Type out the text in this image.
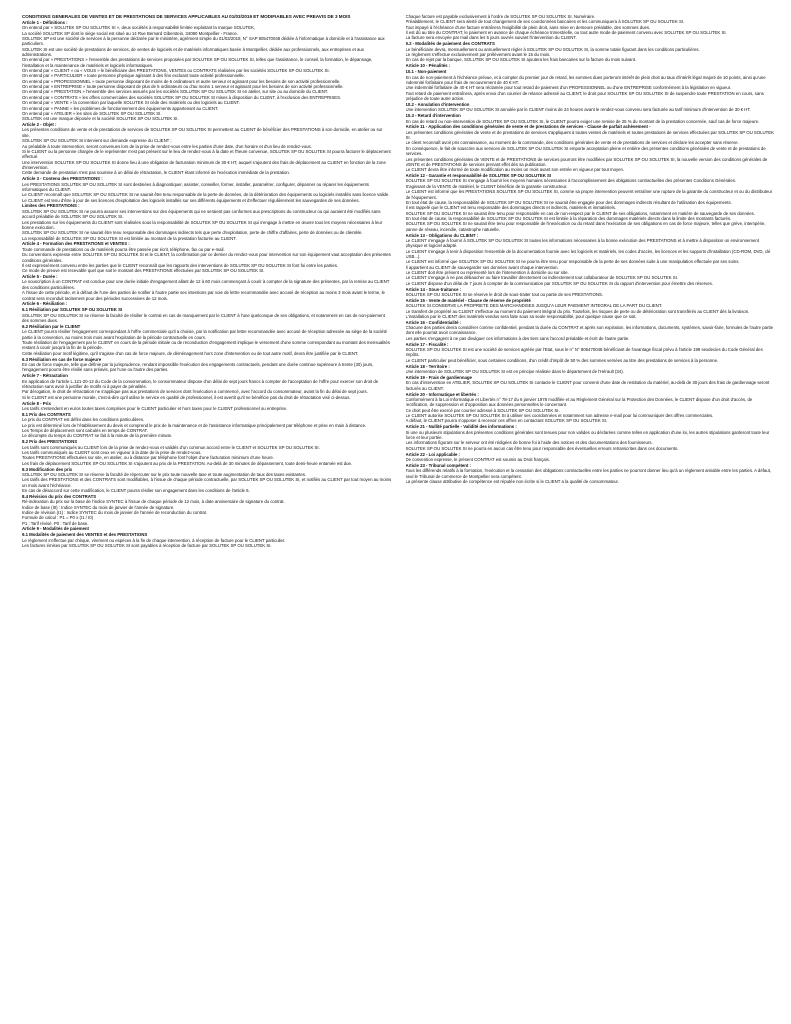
CONDITIONS GENERALES DE VENTES ET DE PRESTATIONS DE SERVICES APPLICABLES AU 01/03/2019 ET MODIFIABLES AVEC PREAVIS DE 3 MOIS

Article 1 - Définitions :

On entend par « SOLUTEK SP OU SOLUTEK SI », deux sociétés à responsabilité limitée exploitant la marque SOLUTEK,

La société SOLUTEK SP dont le siège social est situé au 14 Rue Bernard Giberstein, 34090 Montpellier - France.

SOLUTEK SP est une société de services à la personne déclarée par le ministère, agrément simple du 01/03/2019, N° SAP 805470048 dédiée à l'informatique à domicile et à l'assistance aux particuliers.

SOLUTEK SI est une société de prestations de services, de ventes de logiciels et de matériels informatiques basée à Montpellier, dédiée aux professionnels, aux entreprises et aux administrations.

On entend par « PRESTATIONS » l'ensemble des prestations de services proposées par SOLUTEK SP OU SOLUTEK SI, telles que l'assistance, le conseil, la formation, le dépannage, l'installation et la maintenance de matériels et logiciels informatiques.

On entend par « CLIENT » ou « VOUS » le bénéficiaire des PRESTATIONS, VENTES ou CONTRATS réalisées par les sociétés SOLUTEK SP OU SOLUTEK SI.

On entend par « PARTICULIER » toute personne physique agissant à des fins excluant toute activité professionnelle.

On entend par « PROFESSIONNEL » toute personne disposant de moins de 6 ordinateurs et autre serveur et agissant pour les besoins de son activité professionnelle.

On entend par « ENTREPRISE » toute personne disposant de plus de 5 ordinateurs ou d'au moins 1 serveur et agissant pour les besoins de son activité professionnelle.

On entend par « PRESTATION » l'ensemble des services assurés par les sociétés SOLUTEK SP OU SOLUTEK SI en atelier, sur site ou au domicile du CLIENT.

On entend par « CONTRATS » les offres commerciales des sociétés SOLUTEK SP OU SOLUTEK SI mises à disposition du CLIENT, à l'exclusion des ENTREPRISES.

On entend par « VENTE » la convention par laquelle SOLUTEK SI cède des matériels ou des logiciels au CLIENT.

On entend par « PANNE » les problèmes de fonctionnement des équipements appartenant au CLIENT.

On entend par « ATELIER » les sites de SOLUTEK SP OU SOLUTEK SI.

SOLUTEK est une marque déposée et la société SOLUTEK SP OU SOLUTEK SI.

Article 2 - Objet :

Les présentes conditions de vente et de prestations de services de SOLUTEK SP OU SOLUTEK SI permettent au CLIENT de bénéficier des PRESTATIONS à son domicile, en atelier ou sur site.

SOLUTEK SP OU SOLUTEK SI intervient sur demande expresse du CLIENT ;

Au préalable à toute intervention, seront convenues lors de la prise de rendez-vous entre les parties d'une date, d'un horaire et d'un lieu de rendez-vous.

Si le CLIENT ou la personne chargée de le représenter n'est pas présent sur le lieu de rendez-vous à la date et l'heure convenue, SOLUTEK SP OU SOLUTEK SI pourra facturer le déplacement effectué.

Une intervention SOLUTEK SP OU SOLUTEK SI donne lieu à une obligation de facturation minimum de 30 € HT, auquel s'ajoutent des frais de déplacement au CLIENT en fonction de la zone d'intervention.

Cette demande de prestation n'est pas soumise à un délai de rétractation, le CLIENT étant informé de l'exécution immédiate de la prestation.

Article 3 - Contenu des PRESTATIONS :

Les PRESTATIONS SOLUTEK SP OU SOLUTEK SI sont destinées à diagnostiquer, assister, conseiller, former, installer, paramétrer, configurer, dépanner ou réparer les équipements informatiques du CLIENT.

Le CLIENT reconnaît que SOLUTEK SP OU SOLUTEK SI ne saurait être tenu responsable de la perte de données, de la détérioration des équipements ou logiciels installés sans licence valide.

Le CLIENT est tenu d'être à jour de ses licences d'exploitation des logiciels installés sur ses différents équipements et d'effectuer régulièrement les sauvegardes de ses données.

Limites des PRESTATIONS :

SOLUTEK SP OU SOLUTEK SI ne pourra assurer ses interventions sur des équipements qui ne seraient pas conformes aux prescriptions du constructeur ou qui auraient été modifiés sans accord préalable de SOLUTEK SP OU SOLUTEK SI.

Les prestations sur les équipements du CLIENT sont réalisées sous la responsabilité de SOLUTEK SP OU SOLUTEK SI qui s'engage à mettre en œuvre tous les moyens nécessaires à leur bonne exécution.

SOLUTEK SP OU SOLUTEK SI ne saurait être tenu responsable des dommages indirects tels que perte d'exploitation, perte de chiffre d'affaires, perte de données ou de clientèle.

La responsabilité de SOLUTEK SP OU SOLUTEK SI est limitée au montant de la prestation facturée au CLIENT.

Article 4 - Formation des PRESTATIONS et VENTES :

Toute commande de prestations ou de matériels pourra être passée par écrit, téléphone, fax ou par e-mail.

Du conventions expresse entre SOLUTEK SP OU SOLUTEK SI et le CLIENT, la confirmation par ce dernier du rendez-vous pour intervention sur son équipement vaut acceptation des présentes conditions générales.

Il est expressément convenu entre les parties que le CLIENT reconnaît que les rapports des interventions de SOLUTEK SP OU SOLUTEK SI font foi entre les parties.

Ce mode de preuve est recevable quel que soit le montant des PRESTATIONS effectuées par SOLUTEK SP OU SOLUTEK SI.

Article 5 - Durée :

Le souscription à un CONTRAT est conclue pour une durée initiale d'engagement allant de 12 à 60 mois commençant à courir à compter de la signature des présentes, par la remise au CLIENT des conditions particulières.

A l'issue de cette période, et à défaut de l'une des parties de notifier à l'autre partie ses intentions par voie de lettre recommandée avec accusé de réception au moins 3 mois avant le terme, le contrat sera reconduit tacitement pour des périodes successives de 12 mois.

Article 6 - Résiliation :

6.1 Résiliation par SOLUTEK SP OU SOLUTEK SI

SOLUTEK SP OU SOLUTEK SI se réserve la faculté de résilier le contrat en cas de manquement par le CLIENT à l'une quelconque de ses obligations, et notamment en cas de non-paiement des sommes dues.

6.2 Résiliation par le CLIENT

Le CLIENT pourra résilier l'engagement correspondant à l'offre commerciale qu'il a choisie, par la notification par lettre recommandée avec accusé de réception adressée au siège de la société partie à la convention, au moins trois mois avant l'expiration de la période contractuelle en cours.

Toute résiliation de l'engagement par le CLIENT en cours de la période initiale ou de reconduction d'engagement implique le versement d'une somme correspondant au montant des mensualités restant à courir jusqu'à la fin de la période.

Cette résiliation pour motif légitime, qu'il s'agisse d'un cas de force majeure, de déménagement hors zone d'intervention ou de tout autre motif, devra être justifiée par le CLIENT.

6.3 Résiliation en cas de force majeure

En cas de force majeure, telle que définie par la jurisprudence, rendant impossible l'exécution des engagements contractuels, pendant une durée continue supérieure à trente (30) jours, l'engagement pourra être résilié sans préavis, par l'une ou l'autre des parties.

Article 7 - Rétractation

En application de l'article L.121-20-12 du Code de la consommation, le consommateur dispose d'un délai de sept jours francs à compter de l'acceptation de l'offre pour exercer son droit de rétractation sans avoir à justifier de motifs ni à payer de pénalités.

Par dérogation, le droit de rétractation ne s'applique pas aux prestations de services dont l'exécution a commencé, avec l'accord du consommateur, avant la fin du délai de sept jours.

Si le CLIENT est une personne morale, c'est-à-dire qu'il utilise le service en qualité de professionnel, il est avertit qu'il ne bénéficie pas du droit de rétractation visé ci-dessus.

Article 8 - Prix

Les tarifs s'entendent en euros toutes taxes comprises pour le CLIENT particulier et hors taxes pour le CLIENT professionnel ou entreprise.

8.1 Prix des CONTRATS

Le prix du CONTRAT est défini dans les conditions particulières.

Le prix est déterminé lors de l'établissement du devis et comprend le prix de la maintenance et de l'assistance informatique principalement par téléphone et prise en main à distance.

Les Temps de déplacement sont calculés en temps de CONTRAT.

Le décompte du temps du CONTRAT se fait à la minute de la première minute.

8.2 Prix des PRESTATIONS

Les tarifs sont communiqués au CLIENT lors de la prise de rendez-vous et validés d'un commun accord entre le CLIENT et SOLUTEK SP OU SOLUTEK SI.

Les tarifs communiqués au CLIENT sont ceux en vigueur à la date de la prise de rendez-vous.

Toutes PRESTATIONS effectuées sur site, en atelier, ou à distance par téléphone font l'objet d'une facturation minimum d'une heure.

Les frais de déplacement SOLUTEK SP OU SOLUTEK SI s'ajoutent au prix de la PRESTATION. Au-delà de 30 minutes de dépassement, toute demi-heure entamée est due.

8.3 Modification des prix

SOLUTEK SP OU SOLUTEK SI se réserve la faculté de répercuter sur le prix toute nouvelle taxe et toute augmentation de taux des taxes existantes.

Les tarifs des PRESTATIONS et des CONTRATS sont modifiables, à l'issue de chaque période contractuelle, par SOLUTEK SP OU SOLUTEK SI, et notifiés au CLIENT par tout moyen au moins un mois avant l'échéance.

En cas de désaccord sur cette modification, le CLIENT pourra résilier son engagement dans les conditions de l'article 6.

8.4 Révision du prix des CONTRATS

Ré-indexation du prix sur la base de l'indice SYNTEC à l'issue de chaque période de 12 mois, à date anniversaire de signature du contrat.

Indice de base (I0) : Indice SYNTEC du mois de janvier de l'année de signature.

Indice de révision (I1) : Indice SYNTEC du mois de janvier de l'année de reconduction du contrat.

Formule de calcul : P1 = P0 x (I1 / I0)

P1 : Tarif révisé. P0 : Tarif de base.

Article 9 - Modalités de paiement

9.1 Modalités de paiement des VENTES et des PRESTATIONS

Le règlement s'effectue par chèque, virement ou espèces à la fin de chaque intervention, à réception de facture pour le CLIENT particulier.

Les factures émises par SOLUTEK SP OU SOLUTEK SI sont payables à réception de facture par SOLUTEK SP OU SOLUTEK SI.

Chaque facture est payable exclusivement à l'ordre de SOLUTEK SP OU SOLUTEK SI. Numéraire.

Préalablement, le CLIENT sera alerté de tout changement de ses coordonnées bancaires et les communiquera à SOLUTEK SP OU SOLUTEK SI.

Tout impayé à l'échéance d'une facture entraînera l'exigibilité de plein droit, sans mise en demeure préalable, des sommes dues.

Il est dû au titre du CONTRAT, le paiement en avance de chaque échéance trimestrielle, ou tout autre mode de paiement convenu avec SOLUTEK SP OU SOLUTEK SI.

La facture sera envoyée par mail dans les 5 jours ouvrés suivant l'intervention du CLIENT.

9.2 - Modalités de paiement des CONTRATS

Le bénéficiaire devra, mensuellement ou annuellement régler à SOLUTEK SP OU SOLUTEK SI, la somme totale figurant dans les conditions particulières.

Le règlement s'effectue exclusivement par prélèvement avant le 15 du mois.

En cas de rejet par la banque, SOLUTEK SP OU SOLUTEK SI ajoutera les frais bancaires sur la facture du mois suivant.

Article 10 - Pénalités :

10.1 - Non-paiement

En cas de non-paiement à l'échéance prévue, et à compter du premier jour de retard, les sommes dues porteront intérêt de plein droit au taux d'intérêt légal majoré de 10 points, ainsi qu'une indemnité forfaitaire pour frais de recouvrement de 40 € HT.

Une indemnité forfaitaire de 40 € HT sera réclamée pour tout retard de paiement d'un PROFESSIONNEL ou d'une ENTREPRISE conformément à la législation en vigueur.

Tout retard de paiement entraînera, après envoi d'un courrier de relance adressé au CLIENT, le droit pour SOLUTEK SP OU SOLUTEK SI de suspendre toute PRESTATION en cours, sans préjudice de toute autre action.

10.2 - Annulation d'intervention

Une intervention SOLUTEK SP OU SOLUTEK SI annulée par le CLIENT moins de 24 heures avant le rendez-vous convenu sera facturée au tarif minimum d'intervention de 30 € HT.

10.3 - Retard d'intervention

En cas de retard ou non-intervention de SOLUTEK SP OU SOLUTEK SI, le CLIENT pourra exiger une remise de 25 % du montant de la prestation concernée, sauf cas de force majeure.

Article 11 - Application des conditions générales de vente et de prestations de services - Clause de parfait achèvement -

Les présentes conditions générales de vente et de prestations de services s'appliquent à toutes ventes de matériels et toutes prestations de services effectuées par SOLUTEK SP OU SOLUTEK SI.

Le client reconnaît avoir pris connaissance, au moment de la commande, des conditions générales de vente et de prestations de services et déclare les accepter sans réserve.

En conséquence, le fait de souscrire aux services de SOLUTEK SP OU SOLUTEK SI emporte acceptation pleine et entière des présentes conditions générales de vente et de prestations de services.

Les présentes conditions générales de VENTE et de PRESTATIONS de services pourront être modifiées par SOLUTEK SP OU SOLUTEK SI, la nouvelle version des conditions générales de VENTE et de PRESTATIONS de services prenant effet dès sa publication.

Le CLIENT devra être informé de toute modification au moins un mois avant son entrée en vigueur par tout moyen.

Article 12 - Garantie et responsabilité de SOLUTEK SP OU SOLUTEK SI

SOLUTEK SP OU SOLUTEK SI s'engage à fournir les moyens humains nécessaires à l'accomplissement des obligations contractuelles des présentes Conditions Générales.

S'agissant de la VENTE de matériel, le CLIENT bénéficie de la garantie constructeur.

Le CLIENT est informé que les PRESTATIONS SOLUTEK SP OU SOLUTEK SI, comme sa propre intervention peuvent entraîner une rupture de la garantie du constructeur et ou du distributeur de l'équipement.

En tout état de cause, la responsabilité de SOLUTEK SP OU SOLUTEK SI ne saurait être engagée pour des dommages indirects résultant de l'utilisation des équipements.

Il est rappelé que le CLIENT est tenu responsable des dommages directs et indirects, matériels et immatériels.

SOLUTEK SP OU SOLUTEK SI ne saurait être tenu pour responsable en cas de non-respect par le CLIENT de ses obligations, notamment en matière de sauvegarde de ses données.

En tout état de cause, la responsabilité de SOLUTEK SP OU SOLUTEK SI est limitée à la réparation des dommages matériels directs dans la limite des montants facturés.

SOLUTEK SP OU SOLUTEK SI ne saurait être tenu pour responsable de l'inexécution ou du retard dans l'exécution de ses obligations en cas de force majeure, telles que grève, intempérie, panne de réseau, incendie, catastrophe naturelle.

Article 13 - Obligations du CLIENT :

Le CLIENT s'engage à fournir à SOLUTEK SP OU SOLUTEK SI toutes les informations nécessaires à la bonne exécution des PRESTATIONS et à mettre à disposition un environnement physique et logiciel adapté.

Le CLIENT s'engage à tenir à disposition l'ensemble de la documentation fournie avec les logiciels et matériels, les codes d'accès, les licences et les supports d'installation (CD-ROM, DVD, clé USB...).

Le CLIENT est informé que SOLUTEK SP OU SOLUTEK SI ne pourra être tenu pour responsable de la perte de ses données suite à une manipulation effectuée par ses soins.

Il appartient au CLIENT de sauvegarder ses données avant chaque intervention.

Le CLIENT doit être présent ou représenté lors de l'intervention à domicile ou sur site.

Le CLIENT s'engage à ne pas débaucher ou faire travailler directement ou indirectement tout collaborateur de SOLUTEK SP OU SOLUTEK SI.

Le CLIENT dispose d'un délai de 7 jours à compter de la communication par SOLUTEK SP OU SOLUTEK SI du rapport d'intervention pour émettre des réserves.

Article 14 - Sous-traitance :

SOLUTEK SP OU SOLUTEK SI se réserve le droit de sous-traiter tout ou partie de ses PRESTATIONS.

Article 15 - Vente de matériel - Clause de réserve de propriété

SOLUTEK SI CONSERVE LA PROPRIETE DES MARCHANDISES JUSQU'A LEUR PAIEMENT INTEGRAL DE LA PART DU CLIENT.

Le transfert de propriété au CLIENT s'effectue au moment du paiement intégral du prix. Toutefois, les risques de perte ou de détérioration sont transférés au CLIENT dès la livraison.

L'installation par le CLIENT des matériels vendus sera faite sous sa seule responsabilité, pour quelque cause que ce soit.

Article 16 - Confidentialité :

Chacune des parties devra considérer comme confidentiel, pendant la durée du CONTRAT et après son expiration, les informations, documents, systèmes, savoir-faire, formules de l'autre partie dont elle pourrait avoir connaissance.

Les parties s'engagent à ne pas divulguer ces informations à des tiers sans l'accord préalable et écrit de l'autre partie.

Article 17 - Fiscalité :

SOLUTEK SP OU SOLUTEK SI est une société de services agréée par l'Etat, sous le n° N° 805470048 bénéficiant de l'avantage fiscal prévu à l'article 199 sexdecies du Code Général des Impôts.

Le CLIENT particulier peut bénéficier, sous certaines conditions, d'un crédit d'impôt de 50 % des sommes versées au titre des prestations de services à la personne.

Article 18 - Territoire :

Une intervention de SOLUTEK SP OU SOLUTEK SI est en principe réalisée dans le département de l'Hérault (34).

Article 19 - Frais de gardiennage

En cas d'intervention en ATELIER, SOLUTEK SP OU SOLUTEK SI contacte le CLIENT pour convenir d'une date de restitution du matériel, au-delà de 30 jours des frais de gardiennage seront facturés au CLIENT.

Article 20 - Informatique et libertés :

Conformément à la Loi Informatique et Libertés n° 78-17 du 6 janvier 1978 modifiée et au Règlement Général sur la Protection des Données, le CLIENT dispose d'un droit d'accès, de rectification, de suppression et d'opposition aux données personnelles le concernant.

Ce droit peut être exercé par courrier adressé à SOLUTEK SP OU SOLUTEK SI.

Le CLIENT autorise SOLUTEK SP OU SOLUTEK SI à utiliser ses coordonnées et notamment son adresse e-mail pour lui communiquer des offres commerciales.

A défaut, le CLIENT pourra s'opposer à recevoir ces offres en contactant SOLUTEK SP OU SOLUTEK SI.

Article 21 - Nullité partielle - Validité des informations :

Si une ou plusieurs stipulations des présentes conditions générales sont tenues pour non valides ou déclarées comme telles en application d'une loi, les autres stipulations garderont toute leur force et leur portée.

Les informations figurant sur le serveur ont été rédigées de bonne foi à l'aide des notices et des documentations des fournisseurs.

SOLUTEK SP OU SOLUTEK SI ne pourra en aucun cas être tenu pour responsable des éventuelles erreurs retranscrites dans ces documents.

Article 22 - Loi applicable :

De convention expresse, le présent CONTRAT est soumis au Droit français.

Article 23 - Tribunal compétent :

Tous les différends relatifs à la formation, l'exécution et la cessation des obligations contractuelles entre les parties ne pourront donner lieu qu'à un règlement amiable entre les parties. A défaut, seul le Tribunal de commerce de Montpellier sera compétent.

La présente clause attributive de compétence est réputée non écrite si le CLIENT a la qualité de consommateur.
